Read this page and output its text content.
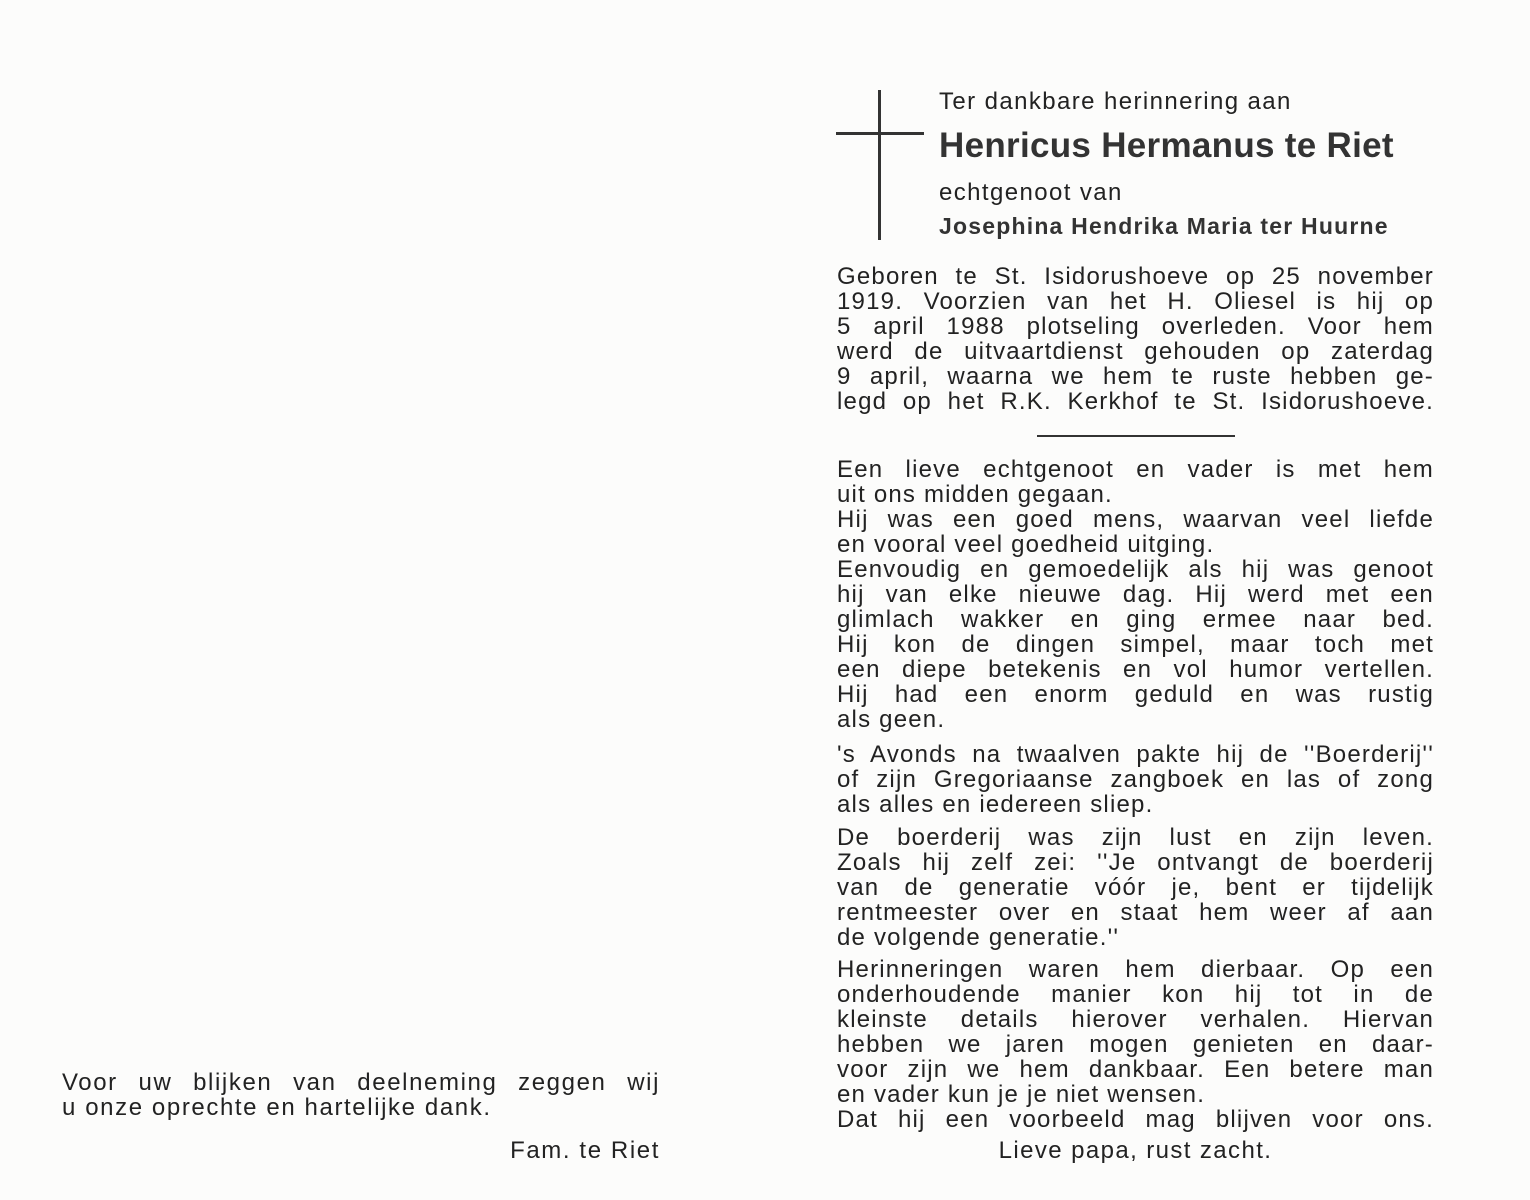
Voor uw blijken van deelneming zeggen wij
u onze oprechte en hartelijke dank.
Fam. te Riet
Ter dankbare herinnering aan
Henricus Hermanus te Riet
echtgenoot van
Josephina Hendrika Maria ter Huurne
Geboren te St. Isidorushoeve op 25 november
1919. Voorzien van het H. Oliesel is hij op
5 april 1988 plotseling overleden. Voor hem
werd de uitvaartdienst gehouden op zaterdag
9 april, waarna we hem te ruste hebben ge-
legd op het R.K. Kerkhof te St. Isidorushoeve.
Een lieve echtgenoot en vader is met hem
uit ons midden gegaan.
Hij was een goed mens, waarvan veel liefde
en vooral veel goedheid uitging.
Eenvoudig en gemoedelijk als hij was genoot
hij van elke nieuwe dag. Hij werd met een
glimlach wakker en ging ermee naar bed.
Hij kon de dingen simpel, maar toch met
een diepe betekenis en vol humor vertellen.
Hij had een enorm geduld en was rustig
als geen.
's Avonds na twaalven pakte hij de ''Boerderij''
of zijn Gregoriaanse zangboek en las of zong
als alles en iedereen sliep.
De boerderij was zijn lust en zijn leven.
Zoals hij zelf zei: ''Je ontvangt de boerderij
van de generatie vóór je, bent er tijdelijk
rentmeester over en staat hem weer af aan
de volgende generatie.''
Herinneringen waren hem dierbaar. Op een
onderhoudende manier kon hij tot in de
kleinste details hierover verhalen. Hiervan
hebben we jaren mogen genieten en daar-
voor zijn we hem dankbaar. Een betere man
en vader kun je je niet wensen.
Dat hij een voorbeeld mag blijven voor ons.
Lieve papa, rust zacht.
